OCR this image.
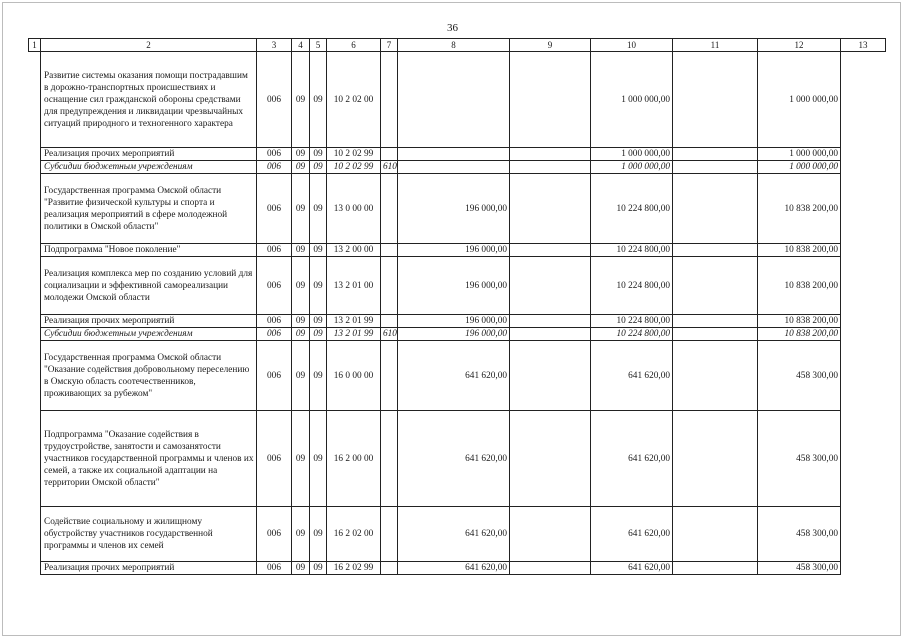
36
1	2	3	4	5	6	7	8	9	10	11	12	13
	Развитие системы оказания помощи пострадавшим в дорожно-транспортных происшествиях и оснащение сил гражданской обороны средствами для предупреждения и ликвидации чрезвычайных ситуаций природного и техногенного характера	006	09	09	10 2 02 00				1 000 000,00		1 000 000,00	
	Реализация прочих мероприятий	006	09	09	10 2 02 99				1 000 000,00		1 000 000,00	
	Субсидии бюджетным учреждениям	006	09	09	10 2 02 99	610			1 000 000,00		1 000 000,00	
	Государственная программа Омской области "Развитие физической культуры и спорта и реализация мероприятий в сфере молодежной политики в Омской области"	006	09	09	13 0 00 00		196 000,00		10 224 800,00		10 838 200,00	
	Подпрограмма "Новое поколение"	006	09	09	13 2 00 00		196 000,00		10 224 800,00		10 838 200,00	
	Реализация комплекса мер по созданию условий для социализации и эффективной самореализации молодежи Омской области	006	09	09	13 2 01 00		196 000,00		10 224 800,00		10 838 200,00	
	Реализация прочих мероприятий	006	09	09	13 2 01 99		196 000,00		10 224 800,00		10 838 200,00	
	Субсидии бюджетным учреждениям	006	09	09	13 2 01 99	610	196 000,00		10 224 800,00		10 838 200,00	
	Государственная программа Омской области "Оказание содействия добровольному переселению в Омскую область соотечественников, проживающих за рубежом"	006	09	09	16 0 00 00		641 620,00		641 620,00		458 300,00	
	Подпрограмма "Оказание содействия в трудоустройстве, занятости и самозанятости участников государственной программы и членов их семей, а также их социальной адаптации на территории Омской области"	006	09	09	16 2 00 00		641 620,00		641 620,00		458 300,00	
	Содействие социальному и жилищному обустройству участников государственной программы и членов их семей	006	09	09	16 2 02 00		641 620,00		641 620,00		458 300,00	
	Реализация прочих мероприятий	006	09	09	16 2 02 99		641 620,00		641 620,00		458 300,00	
